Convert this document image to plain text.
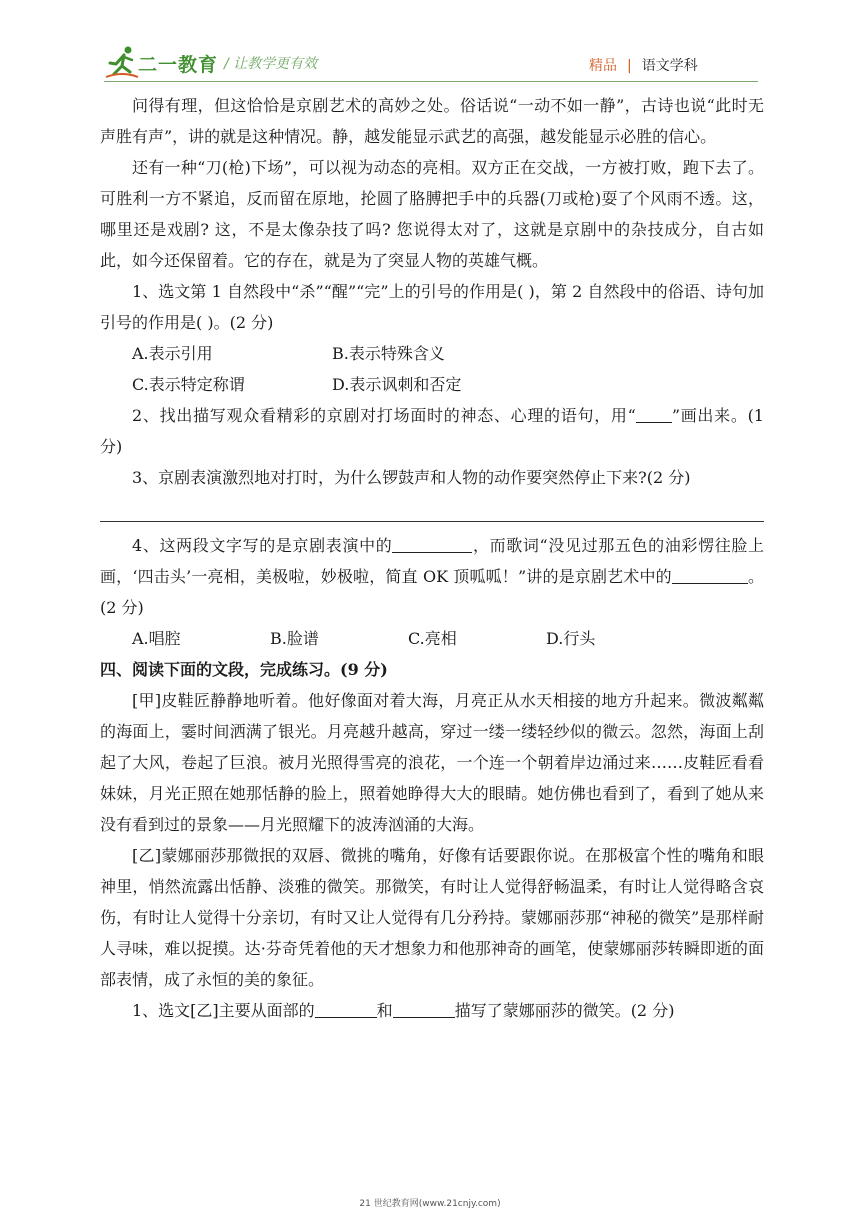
二一教育 / 让教学更有效	精品 | 语文学科

问得有理，但这恰恰是京剧艺术的高妙之处。俗话说“一动不如一静”，古诗也说“此时无声胜有声”，讲的就是这种情况。静，越发能显示武艺的高强，越发能显示必胜的信心。

还有一种“刀(枪)下场”，可以视为动态的亮相。双方正在交战，一方被打败，跑下去了。可胜利一方不紧追，反而留在原地，抡圆了胳膊把手中的兵器(刀或枪)耍了个风雨不透。这，哪里还是戏剧? 这，不是太像杂技了吗? 您说得太对了，这就是京剧中的杂技成分，自古如此，如今还保留着。它的存在，就是为了突显人物的英雄气概。

1、选文第 1 自然段中“杀”“醒”“完”上的引号的作用是( )，第 2 自然段中的俗语、诗句加引号的作用是( )。(2 分)

A.表示引用	B.表示特殊含义
C.表示特定称谓	D.表示讽刺和否定

2、找出描写观众看精彩的京剧对打场面时的神态、心理的语句，用“ ”画出来。(1 分)

3、京剧表演激烈地对打时，为什么锣鼓声和人物的动作要突然停止下来?(2 分)

4、这两段文字写的是京剧表演中的	，而歌词“没见过那五色的油彩愣往脸上画，‘四击头’一亮相，美极啦，妙极啦，简直 OK 顶呱呱！”讲的是京剧艺术中的	。(2 分)

A.唱腔	B.脸谱	C.亮相	D.行头

四、阅读下面的文段，完成练习。(9 分)

[甲]皮鞋匠静静地听着。他好像面对着大海，月亮正从水天相接的地方升起来。微波粼粼的海面上，霎时间洒满了银光。月亮越升越高，穿过一缕一缕轻纱似的微云。忽然，海面上刮起了大风，卷起了巨浪。被月光照得雪亮的浪花，一个连一个朝着岸边涌过来……皮鞋匠看看妹妹，月光正照在她那恬静的脸上，照着她睁得大大的眼睛。她仿佛也看到了，看到了她从来没有看到过的景象——月光照耀下的波涛汹涌的大海。

[乙]蒙娜丽莎那微抿的双唇、微挑的嘴角，好像有话要跟你说。在那极富个性的嘴角和眼神里，悄然流露出恬静、淡雅的微笑。那微笑，有时让人觉得舒畅温柔，有时让人觉得略含哀伤，有时让人觉得十分亲切，有时又让人觉得有几分矜持。蒙娜丽莎那“神秘的微笑”是那样耐人寻味，难以捉摸。达·芬奇凭着他的天才想象力和他那神奇的画笔，使蒙娜丽莎转瞬即逝的面部表情，成了永恒的美的象征。

1、选文[乙]主要从面部的	和	描写了蒙娜丽莎的微笑。(2 分)

21 世纪教育网(www.21cnjy.com)
